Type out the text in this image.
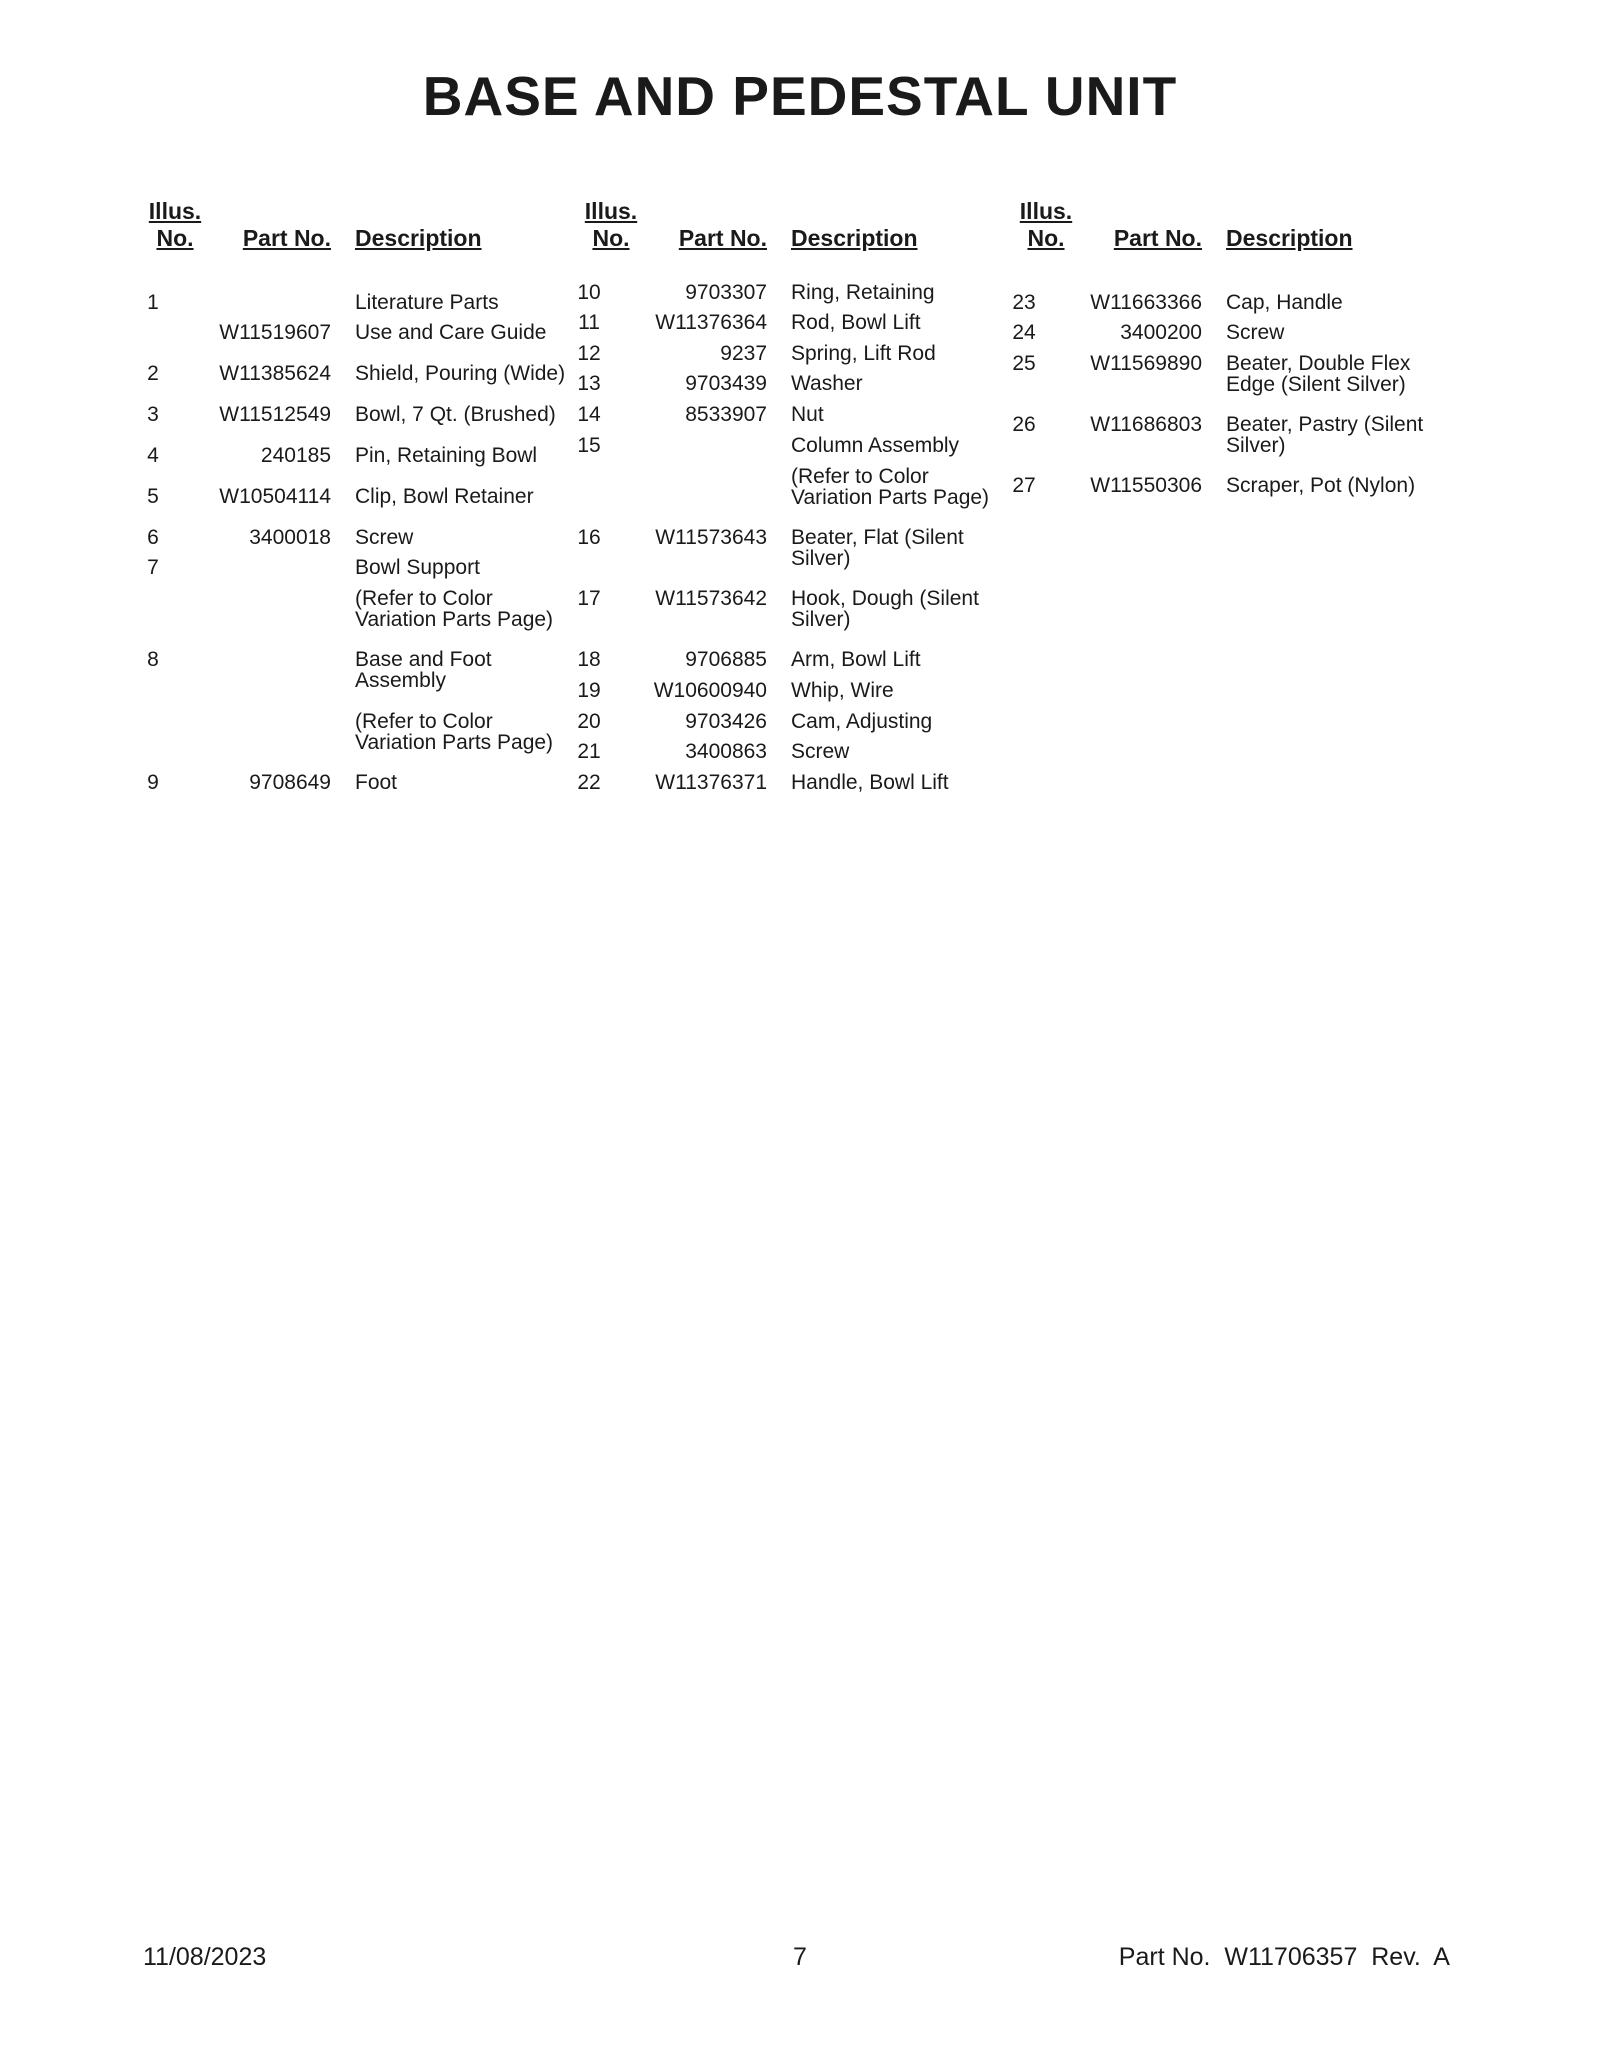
BASE AND PEDESTAL UNIT
Illus.
No.	Part No. Description
1	Literature Parts
W11519607 Use and Care Guide
2	W11385624 Shield, Pouring (Wide)
3	W11512549 Bowl, 7 Qt. (Brushed)
4	240185 Pin, Retaining Bowl
5	W10504114 Clip, Bowl Retainer
6	3400018 Screw
7	Bowl Support
(Refer to Color
Variation Parts Page)
8	Base and Foot
Assembly
(Refer to Color
Variation Parts Page)
9	9708649 Foot
Illus.
No.	Part No. Description
10	9703307 Ring, Retaining
11	W11376364 Rod, Bowl Lift
12	9237 Spring, Lift Rod
13	9703439 Washer
14	8533907 Nut
15	Column Assembly
(Refer to Color
Variation Parts Page)
16	W11573643 Beater, Flat (Silent
Silver)
17	W11573642 Hook, Dough (Silent
Silver)
18	9706885 Arm, Bowl Lift
19	W10600940 Whip, Wire
20	9703426 Cam, Adjusting
21	3400863 Screw
22	W11376371 Handle, Bowl Lift
Illus.
No.	Part No. Description
23	W11663366 Cap, Handle
24	3400200 Screw
25	W11569890 Beater, Double Flex
Edge (Silent Silver)
26	W11686803 Beater, Pastry (Silent
Silver)
27	W11550306 Scraper, Pot (Nylon)
11/08/2023	7	Part No.  W11706357  Rev.  A
